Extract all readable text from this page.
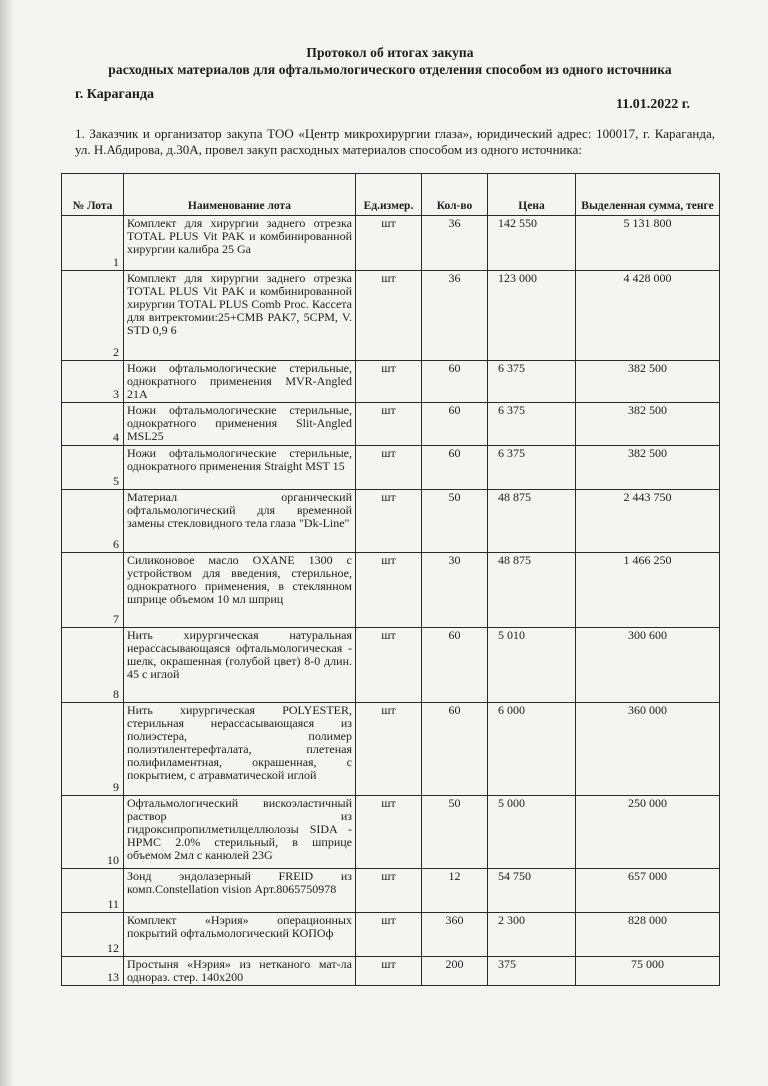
Протокол об итогах закупа
расходных материалов для офтальмологического отделения способом из одного источника
г. Караганда
11.01.2022 г.
1. Заказчик и организатор закупа ТОО «Центр микрохирургии глаза», юридический адрес: 100017, г. Караганда, ул. Н.Абдирова, д.30А, провел закуп расходных материалов способом из одного источника:
№ Лота	Наименование лота	Ед.измер.	Кол-во	Цена	Выделенная сумма, тенге
1	Комплект для хирургии заднего отрезка TOTAL PLUS Vit PAK и комбинированной хирургии калибра 25 Ga	шт	36	142 550	5 131 800
2	Комплект для хирургии заднего отрезка TOTAL PLUS Vit PAK и комбинированной хирургии TOTAL PLUS Comb Proc. Кассета для витректомии:25+CMB PAK7, 5CPM, V. STD 0,9 6	шт	36	123 000	4 428 000
3	Ножи офтальмологические стерильные, однократного применения MVR-Angled 21A	шт	60	6 375	382 500
4	Ножи офтальмологические стерильные, однократного применения Slit-Angled MSL25	шт	60	6 375	382 500
5	Ножи офтальмологические стерильные, однократного применения Straight MST 15	шт	60	6 375	382 500
6	Материал органический офтальмологический для временной замены стекловидного тела глаза "Dk-Line"	шт	50	48 875	2 443 750
7	Силиконовое масло OXANE 1300 с устройством для введения, стерильное, однократного применения, в стеклянном шприце объемом 10 мл шприц	шт	30	48 875	1 466 250
8	Нить хирургическая натуральная нерассасывающаяся офтальмологическая - шелк, окрашенная (голубой цвет) 8-0 длин. 45 с иглой	шт	60	5 010	300 600
9	Нить хирургическая POLYESTER, стерильная нерассасывающаяся из полиэстера, полимер полиэтилентерефталата, плетеная полифиламентная, окрашенная, с покрытием, с атравматической иглой	шт	60	6 000	360 000
10	Офтальмологический вискоэластичный раствор из гидроксипропилметилцеллюлозы SIDA - HPMC 2.0% стерильный, в шприце объемом 2мл с канюлей 23G	шт	50	5 000	250 000
11	Зонд эндолазерный FREID из комп.Constellation vision Арт.8065750978	шт	12	54 750	657 000
12	Комплект «Нэрия» операционных покрытий офтальмологический КОПОф	шт	360	2 300	828 000
13	Простыня «Нэрия» из нетканого мат-ла однораз. стер. 140х200	шт	200	375	75 000
